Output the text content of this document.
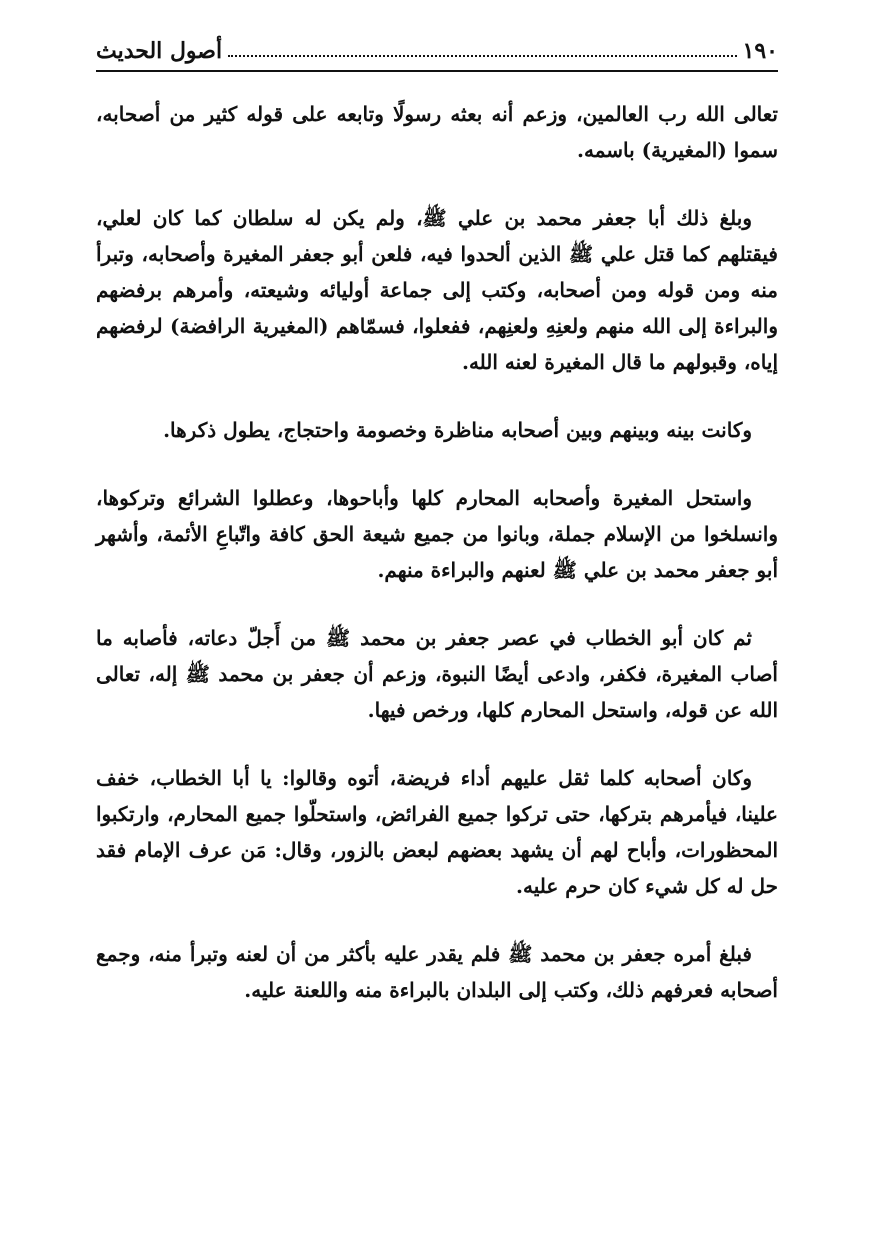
أصول الحديث	١٩٠

تعالى الله رب العالمين، وزعم أنه بعثه رسولًا وتابعه على قوله كثير من أصحابه، سموا (المغيرية) باسمه.

وبلغ ذلك أبا جعفر محمد بن علي ﷺ، ولم يكن له سلطان كما كان لعلي، فيقتلهم كما قتل علي ﷺ الذين ألحدوا فيه، فلعن أبو جعفر المغيرة وأصحابه، وتبرأ منه ومن قوله ومن أصحابه، وكتب إلى جماعة أوليائه وشيعته، وأمرهم برفضهم والبراءة إلى الله منهم ولعنِهِ ولعنِهم، ففعلوا، فسمّاهم (المغيرية الرافضة) لرفضهم إياه، وقبولهم ما قال المغيرة لعنه الله.

وكانت بينه وبينهم وبين أصحابه مناظرة وخصومة واحتجاج، يطول ذكرها.

واستحل المغيرة وأصحابه المحارم كلها وأباحوها، وعطلوا الشرائع وتركوها، وانسلخوا من الإسلام جملة، وبانوا من جميع شيعة الحق كافة واتّباعِ الأئمة، وأشهر أبو جعفر محمد بن علي ﷺ لعنهم والبراءة منهم.

ثم كان أبو الخطاب في عصر جعفر بن محمد ﷺ من أَجلّ دعاته، فأصابه ما أصاب المغيرة، فكفر، وادعى أيضًا النبوة، وزعم أن جعفر بن محمد ﷺ إله، تعالى الله عن قوله، واستحل المحارم كلها، ورخص فيها.

وكان أصحابه كلما ثقل عليهم أداء فريضة، أتوه وقالوا: يا أبا الخطاب، خفف علينا، فيأمرهم بتركها، حتى تركوا جميع الفرائض، واستحلّوا جميع المحارم، وارتكبوا المحظورات، وأباح لهم أن يشهد بعضهم لبعض بالزور، وقال: مَن عرف الإمام فقد حل له كل شيء كان حرم عليه.

فبلغ أمره جعفر بن محمد ﷺ فلم يقدر عليه بأكثر من أن لعنه وتبرأ منه، وجمع أصحابه فعرفهم ذلك، وكتب إلى البلدان بالبراءة منه واللعنة عليه.
